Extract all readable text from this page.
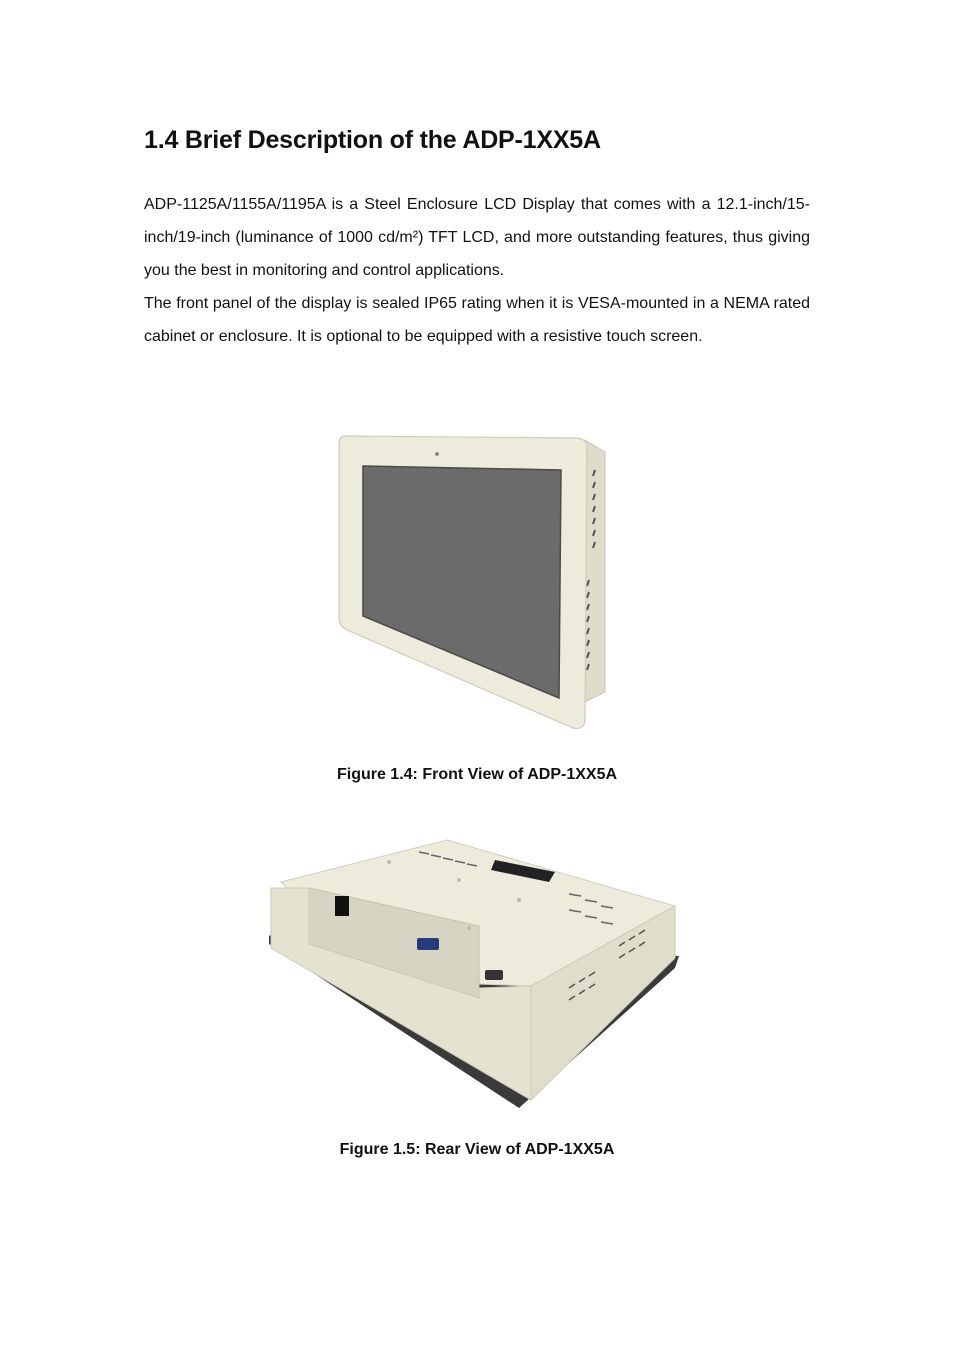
1.4 Brief Description of the ADP-1XX5A

ADP-1125A/1155A/1195A is a Steel Enclosure LCD Display that comes with a 12.1-inch/15-inch/19-inch (luminance of 1000 cd/m²) TFT LCD, and more outstanding features, thus giving you the best in monitoring and control applications.

The front panel of the display is sealed IP65 rating when it is VESA-mounted in a NEMA rated cabinet or enclosure. It is optional to be equipped with a resistive touch screen.

Figure 1.4: Front View of ADP-1XX5A
Figure 1.5: Rear View of ADP-1XX5A
